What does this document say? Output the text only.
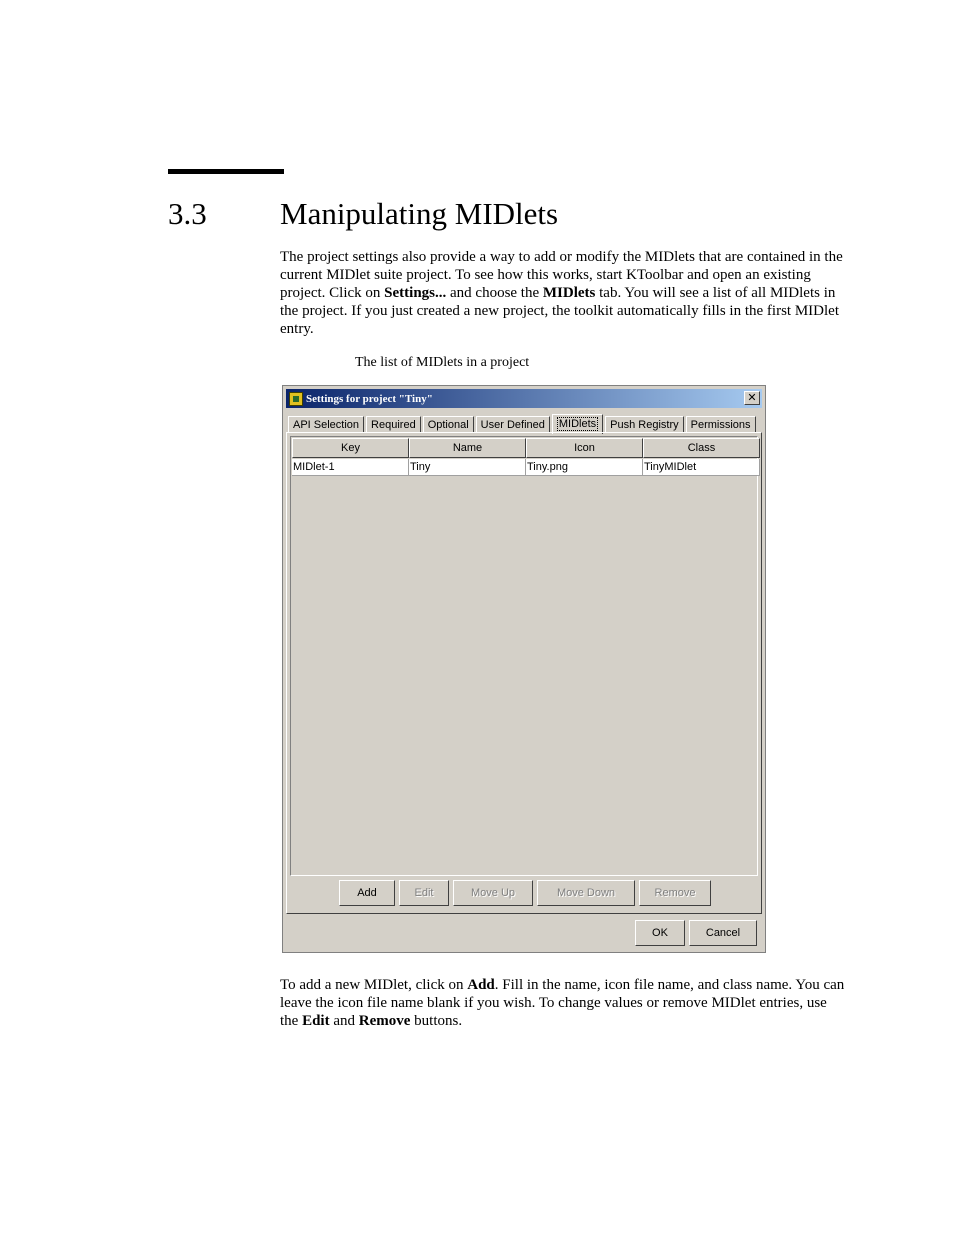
3.3 Manipulating MIDlets
The project settings also provide a way to add or modify the MIDlets that are contained in the current MIDlet suite project. To see how this works, start KToolbar and open an existing project. Click on Settings... and choose the MIDlets tab. You will see a list of all MIDlets in the project. If you just created a new project, the toolkit automatically fills in the first MIDlet entry.
The list of MIDlets in a project
Settings for project "Tiny"	✕
API Selection	Required	Optional	User Defined	MIDlets	Push Registry	Permissions
Key	Name	Icon	Class
MIDlet-1	Tiny	Tiny.png	TinyMIDlet
Add	Edit	Move Up	Move Down	Remove
OK	Cancel
To add a new MIDlet, click on Add. Fill in the name, icon file name, and class name. You can leave the icon file name blank if you wish. To change values or remove MIDlet entries, use the Edit and Remove buttons.
